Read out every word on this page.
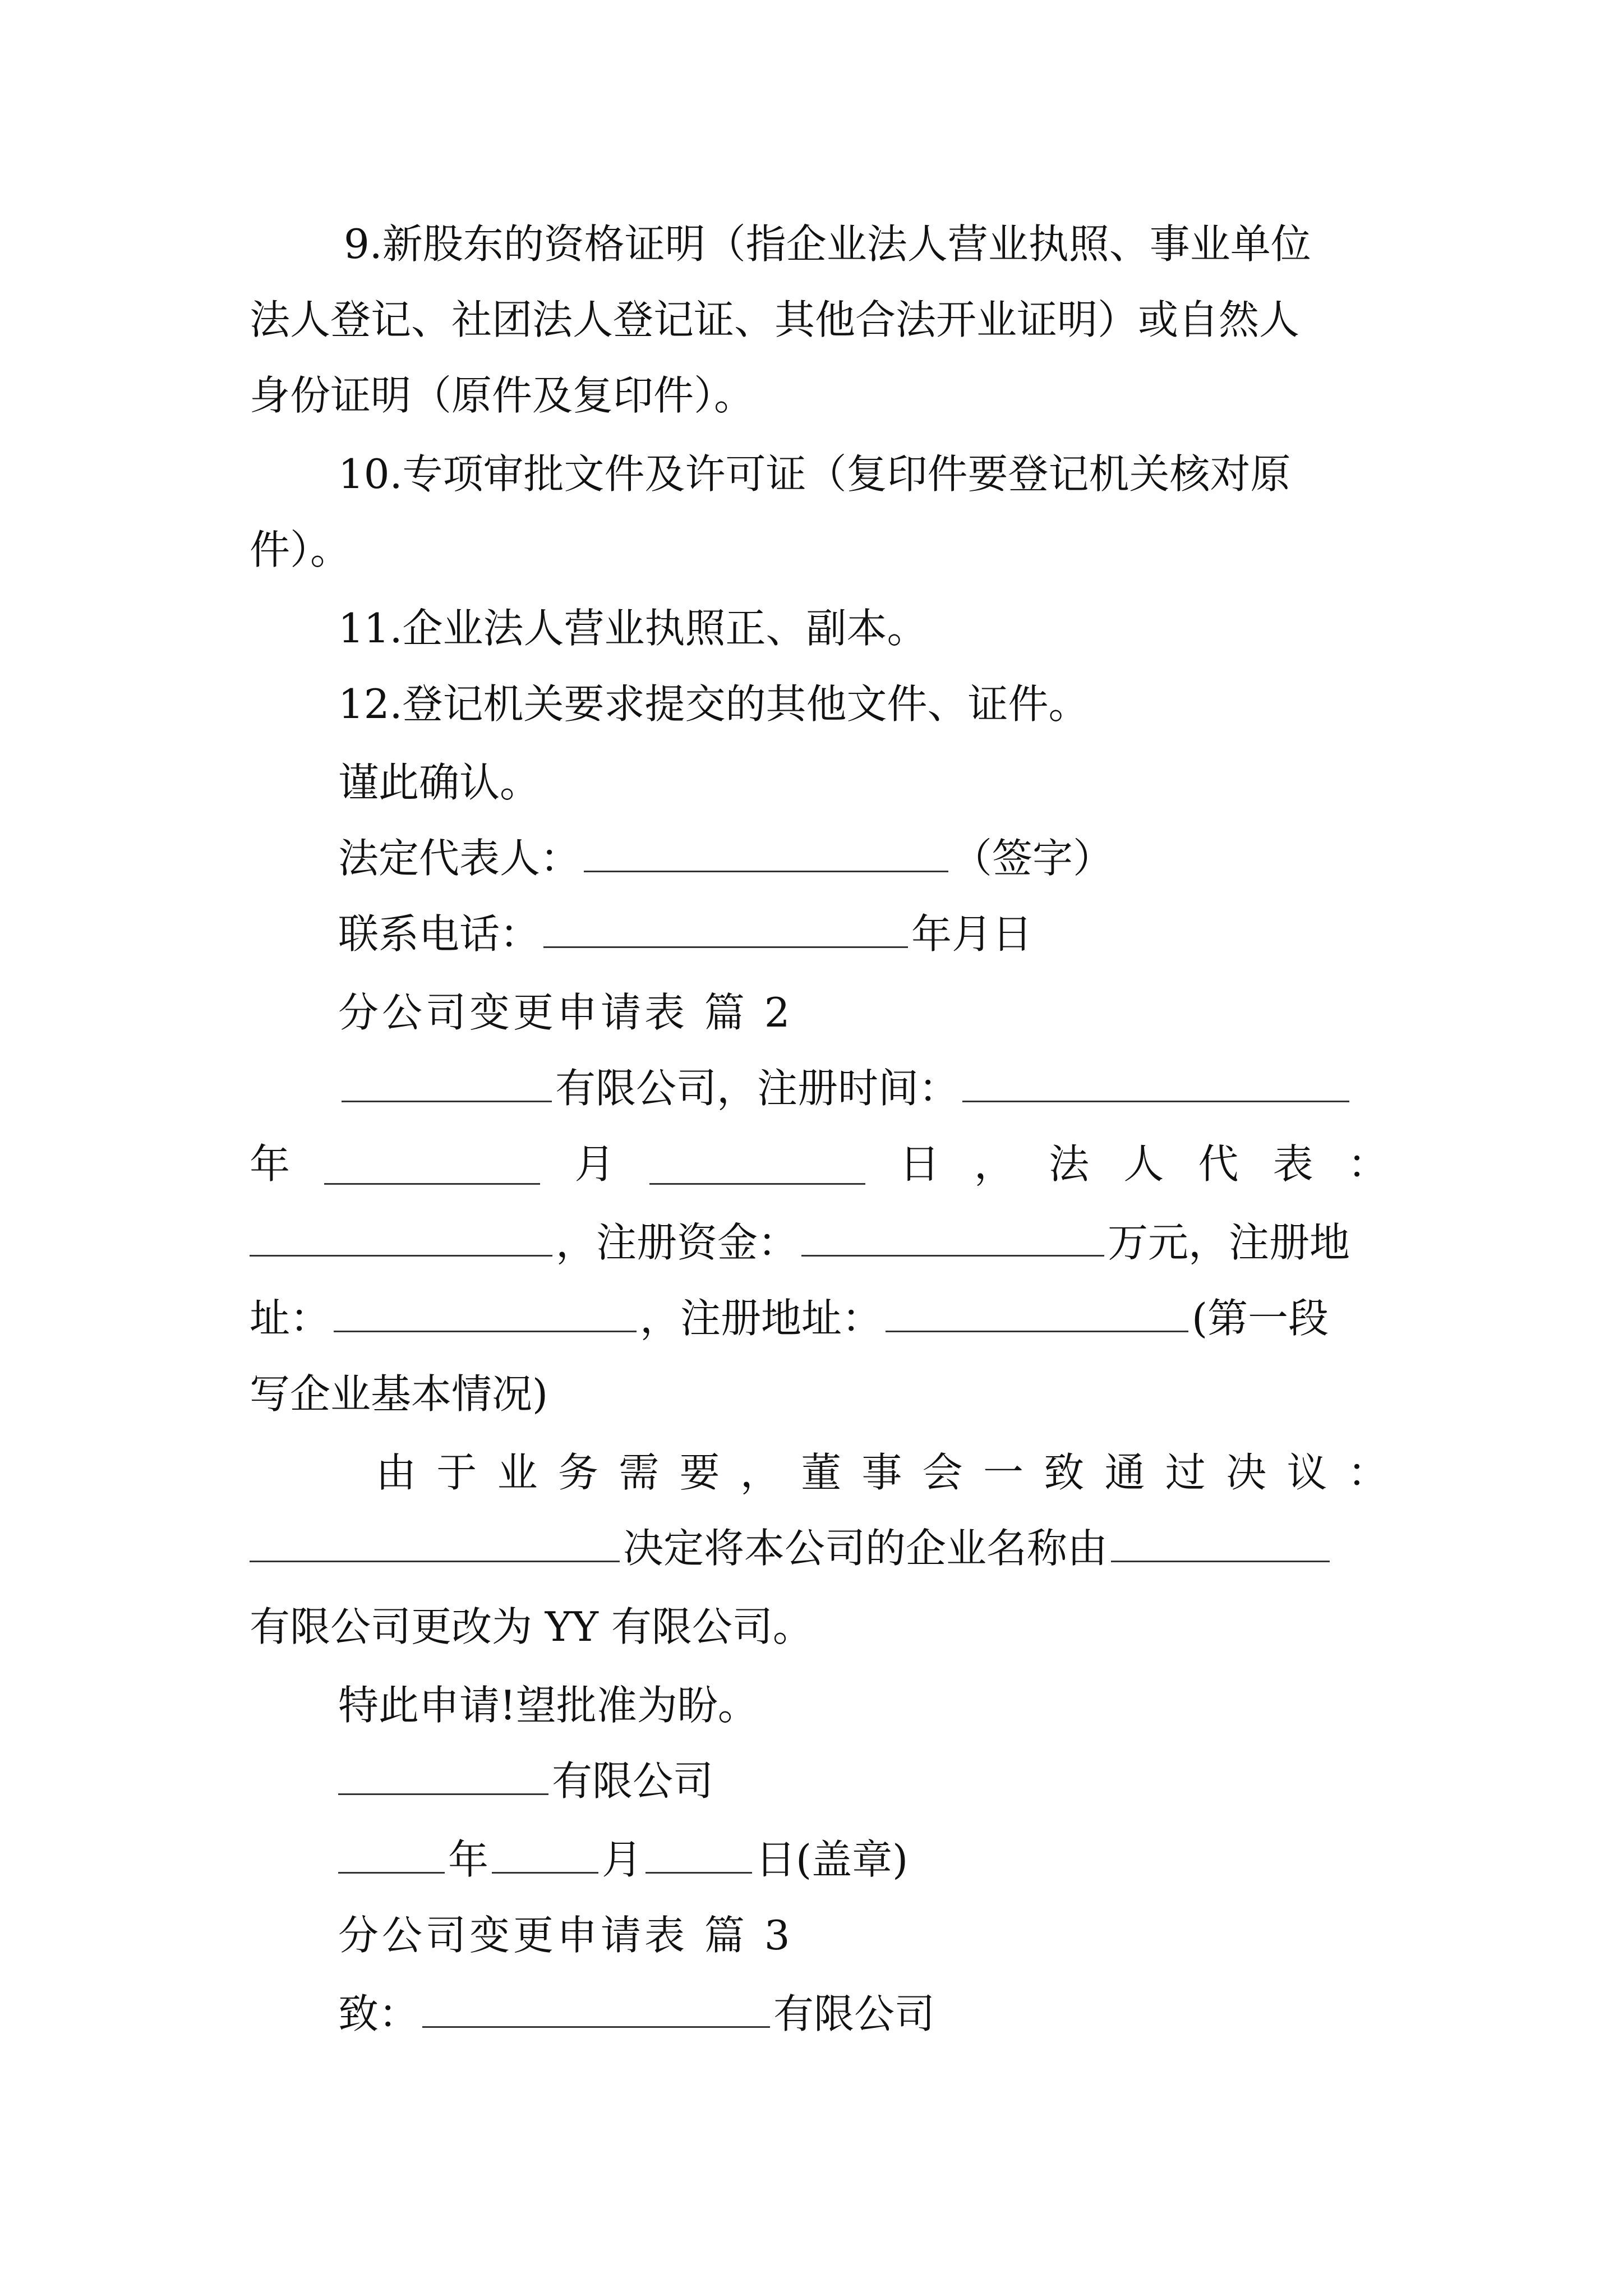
9.新股东的资格证明（指企业法人营业执照、事业单位
法人登记、社团法人登记证、其他合法开业证明）或自然人
身份证明（原件及复印件）。
10.专项审批文件及许可证（复印件要登记机关核对原
件）。
11.企业法人营业执照正、副本。
12.登记机关要求提交的其他文件、证件。
谨此确认。
法定代表人：	（签字）
联系电话：	年月日
分公司变更申请表 篇 2
有限公司，注册时间：
年	月	日 ， 法 人 代 表 ：
，注册资金：	万元，注册地
址：	，注册地址：	(第一段
写企业基本情况)
由 于 业 务 需 要 ， 董 事 会 一 致 通 过 决 议 ：
决定将本公司的企业名称由
有限公司更改为 YY 有限公司。
特此申请!望批准为盼。
有限公司
年	月	日(盖章)
分公司变更申请表 篇 3
致：	有限公司
